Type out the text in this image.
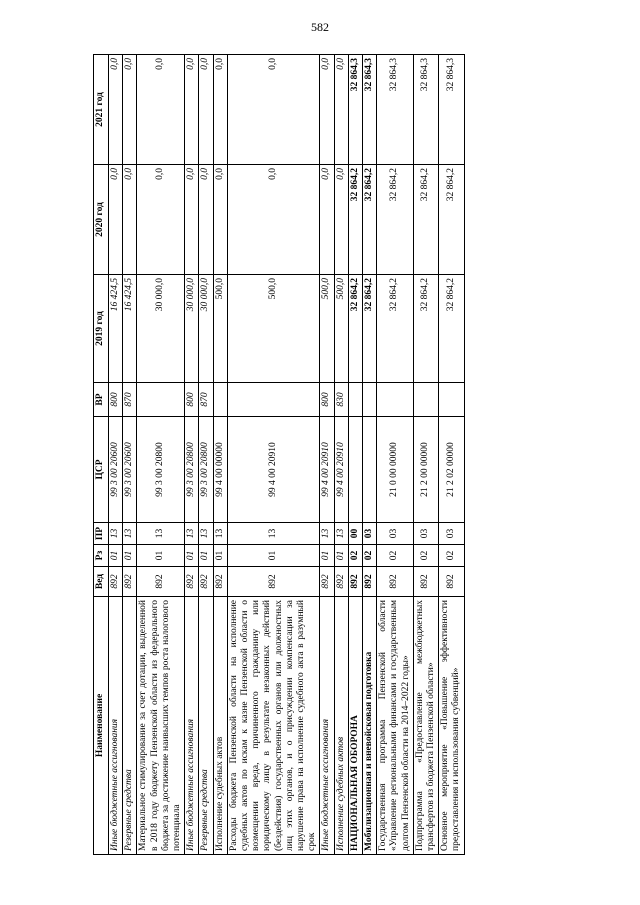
582
Наименование	Вед	Рз	ПР	ЦСР	ВР	2019 год	2020 год	2021 год
Иные бюджетные ассигнования	892	01	13	99 3 00 20600	800	16 424,5	0,0	0,0
Резервные средства	892	01	13	99 3 00 20600	870	16 424,5	0,0	0,0
Материальное стимулирование за счет дотации, выделенной в 2018 году бюджету Пензенской области из федерального бюджета за достижение наивысших темпов роста налогового потенциала	892	01	13	99 3 00 20800		30 000,0	0,0	0,0
Иные бюджетные ассигнования	892	01	13	99 3 00 20800	800	30 000,0	0,0	0,0
Резервные средства	892	01	13	99 3 00 20800	870	30 000,0	0,0	0,0
Исполнение судебных актов	892	01	13	99 4 00 00000		500,0	0,0	0,0
Расходы бюджета Пензенской области на исполнение судебных актов по искам к казне Пензенской области о возмещении вреда, причиненного гражданину или юридическому лицу в результате незаконных действий (бездействия) государственных органов или должностных лиц этих органов, и о присуждении компенсации за нарушение права на исполнение судебного акта в разумный срок	892	01	13	99 4 00 20910		500,0	0,0	0,0
Иные бюджетные ассигнования	892	01	13	99 4 00 20910	800	500,0	0,0	0,0
Исполнение судебных актов	892	01	13	99 4 00 20910	830	500,0	0,0	0,0
НАЦИОНАЛЬНАЯ ОБОРОНА	892	02	00			32 864,2	32 864,2	32 864,3
Мобилизационная и вневойсковая подготовка	892	02	03			32 864,2	32 864,2	32 864,3
Государственная программа Пензенской области «Управление региональными финансами и государственным долгом Пензенской области на 2014–2022 годы»	892	02	03	21 0 00 00000		32 864,2	32 864,2	32 864,3
Подпрограмма «Предоставление межбюджетных трансфертов из бюджета Пензенской области»	892	02	03	21 2 00 00000		32 864,2	32 864,2	32 864,3
Основное мероприятие «Повышение эффективности предоставления и использования субвенций»	892	02	03	21 2 02 00000		32 864,2	32 864,2	32 864,3
